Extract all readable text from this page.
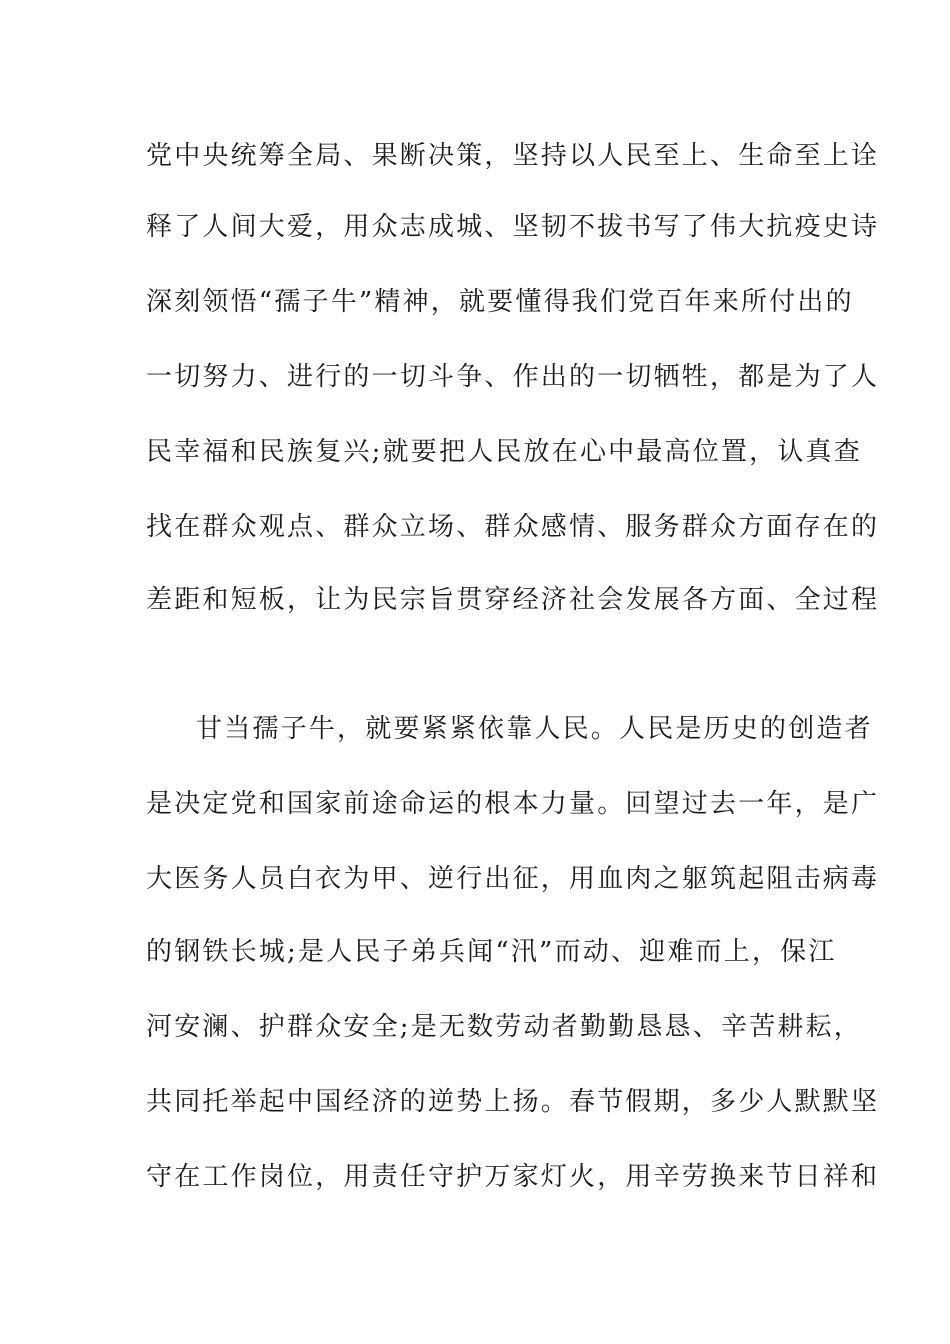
党中央统筹全局、果断决策，坚持以人民至上、生命至上诠
释了人间大爱，用众志成城、坚韧不拔书写了伟大抗疫史诗
深刻领悟“孺子牛”精神，就要懂得我们党百年来所付出的
一切努力、进行的一切斗争、作出的一切牺牲，都是为了人
民幸福和民族复兴;就要把人民放在心中最高位置，认真查
找在群众观点、群众立场、群众感情、服务群众方面存在的
差距和短板，让为民宗旨贯穿经济社会发展各方面、全过程
甘当孺子牛，就要紧紧依靠人民。人民是历史的创造者
是决定党和国家前途命运的根本力量。回望过去一年，是广
大医务人员白衣为甲、逆行出征，用血肉之躯筑起阻击病毒
的钢铁长城;是人民子弟兵闻“汛”而动、迎难而上，保江
河安澜、护群众安全;是无数劳动者勤勤恳恳、辛苦耕耘，
共同托举起中国经济的逆势上扬。春节假期，多少人默默坚
守在工作岗位，用责任守护万家灯火，用辛劳换来节日祥和
